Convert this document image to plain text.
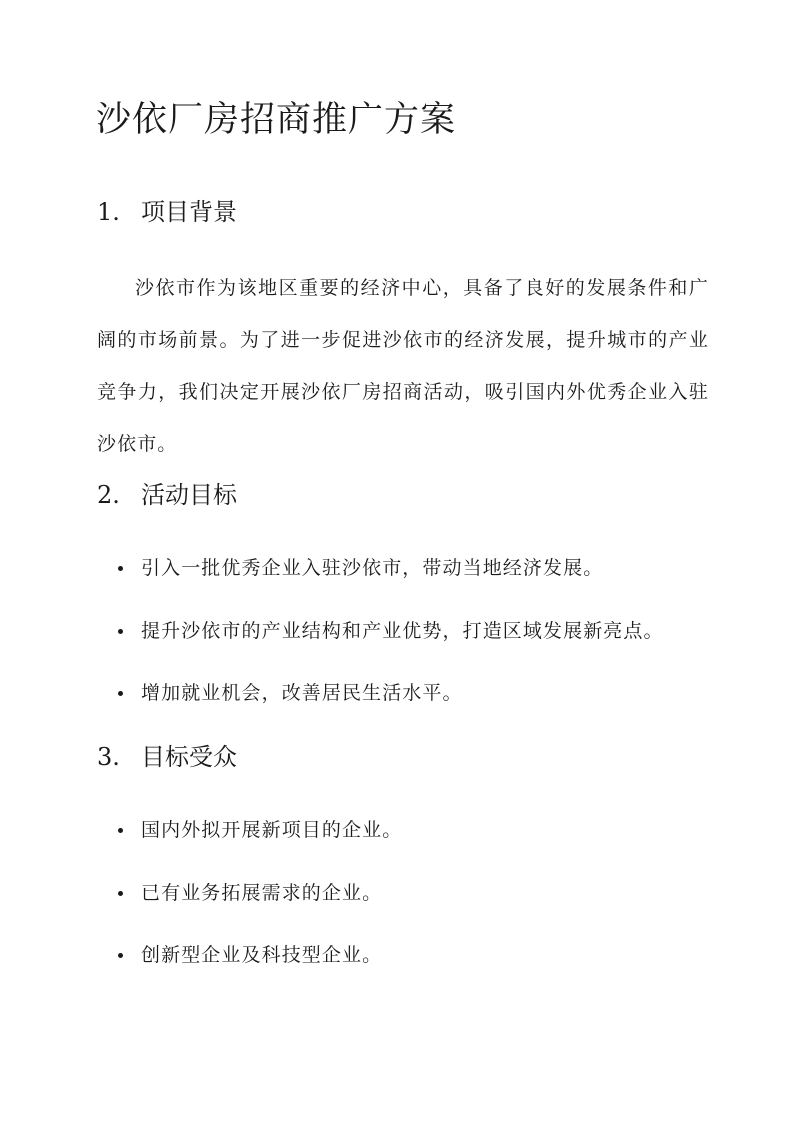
沙依厂房招商推广方案
1. 项目背景

沙依市作为该地区重要的经济中心，具备了良好的发展条件和广阔的市场前景。为了进一步促进沙依市的经济发展，提升城市的产业竞争力，我们决定开展沙依厂房招商活动，吸引国内外优秀企业入驻沙依市。

2. 活动目标
引入一批优秀企业入驻沙依市，带动当地经济发展。
提升沙依市的产业结构和产业优势，打造区域发展新亮点。
增加就业机会，改善居民生活水平。
3. 目标受众
国内外拟开展新项目的企业。
已有业务拓展需求的企业。
创新型企业及科技型企业。
